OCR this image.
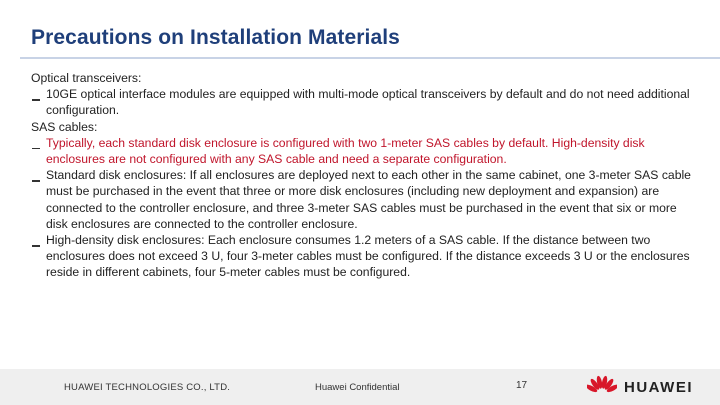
Precautions on Installation Materials

Optical transceivers:

10GE optical interface modules are equipped with multi-mode optical transceivers by default and do not need additional configuration.

SAS cables:

Typically, each standard disk enclosure is configured with two 1-meter SAS cables by default. High-density disk enclosures are not configured with any SAS cable and need a separate configuration.

Standard disk enclosures: If all enclosures are deployed next to each other in the same cabinet, one 3-meter SAS cable must be purchased in the event that three or more disk enclosures (including new deployment and expansion) are connected to the controller enclosure, and three 3-meter SAS cables must be purchased in the event that six or more disk enclosures are connected to the controller enclosure.

High-density disk enclosures: Each enclosure consumes 1.2 meters of a SAS cable. If the distance between two enclosures does not exceed 3 U, four 3-meter cables must be configured. If the distance exceeds 3 U or the enclosures reside in different cabinets, four 5-meter cables must be configured.

HUAWEI TECHNOLOGIES CO., LTD.	Huawei Confidential	17	HUAWEI
